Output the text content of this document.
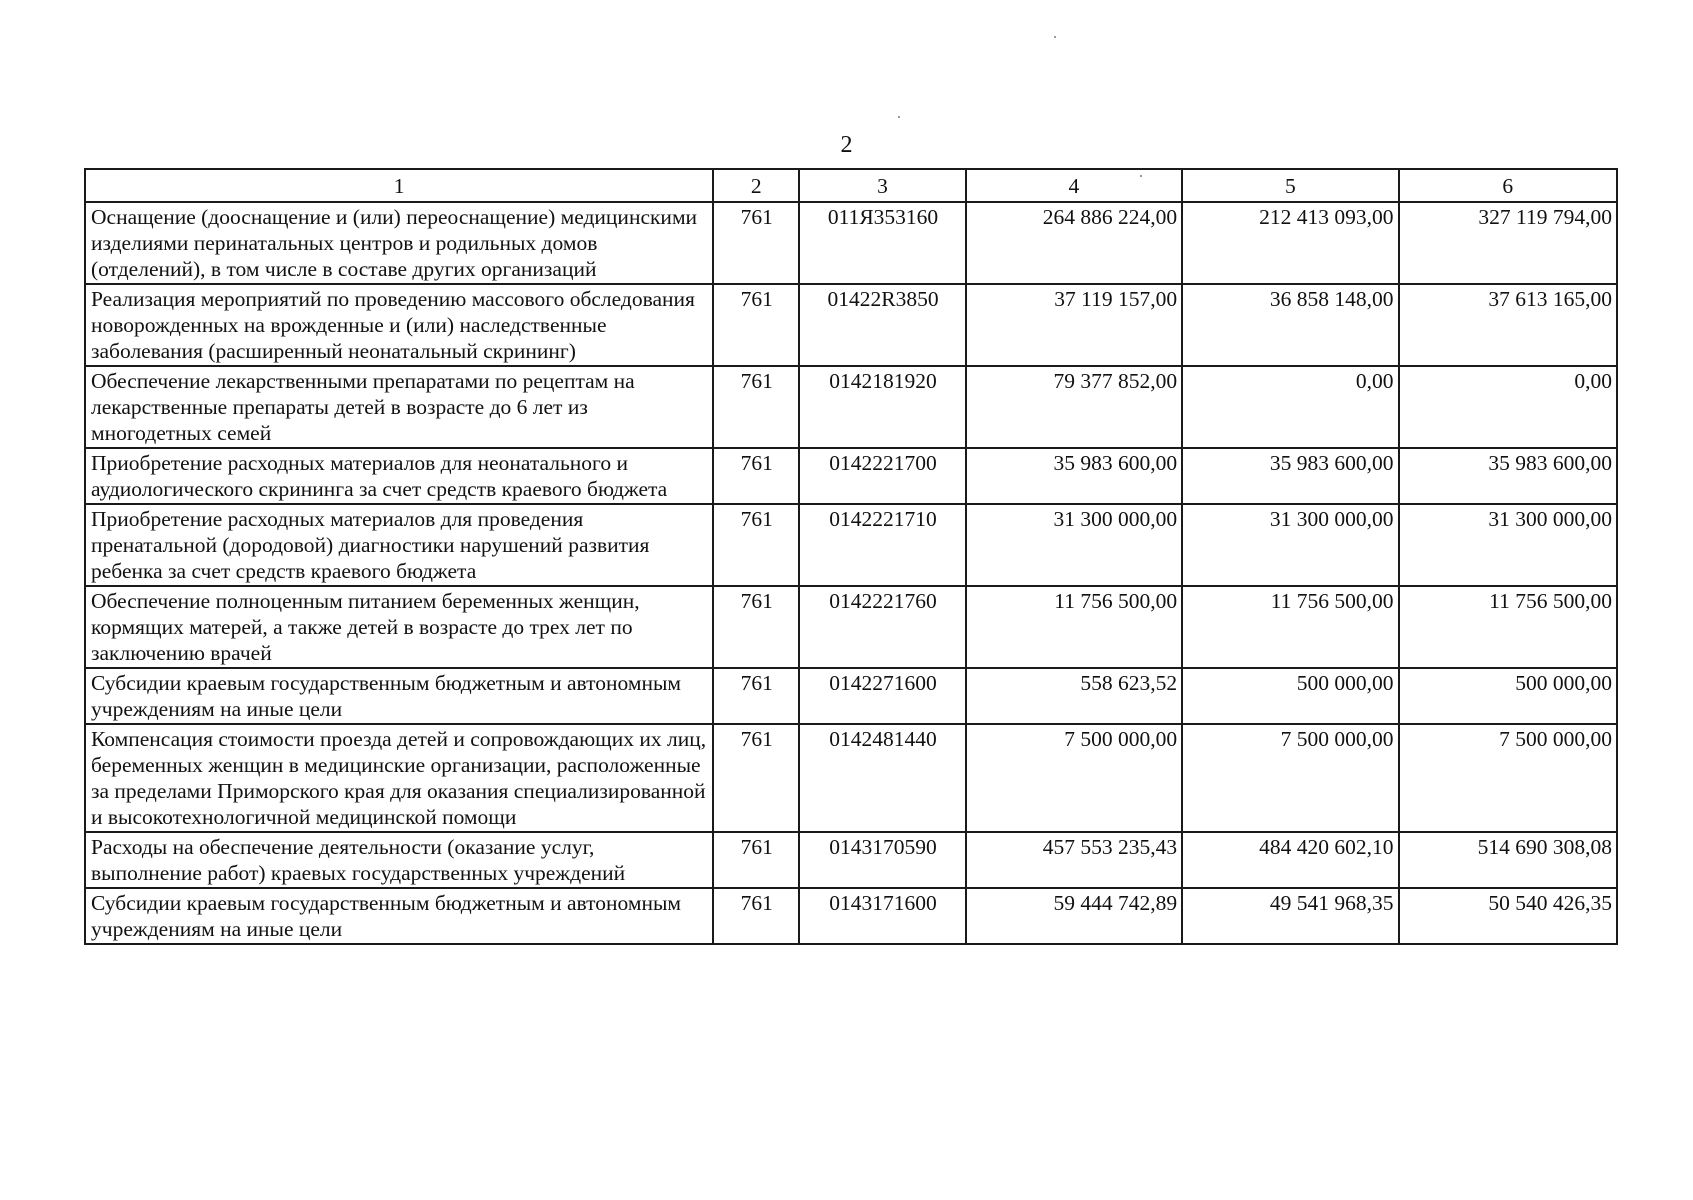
2
1	2	3	4	5	6
Оснащение (дооснащение и (или) переоснащение) медицинскими изделиями перинатальных центров и родильных домов (отделений), в том числе в составе других организаций	761	011Я353160	264 886 224,00	212 413 093,00	327 119 794,00
Реализация мероприятий по проведению массового обследования новорожденных на врожденные и (или) наследственные заболевания (расширенный неонатальный скрининг)	761	01422R3850	37 119 157,00	36 858 148,00	37 613 165,00
Обеспечение лекарственными препаратами по рецептам на лекарственные препараты детей в возрасте до 6 лет из многодетных семей	761	0142181920	79 377 852,00	0,00	0,00
Приобретение расходных материалов для неонатального и аудиологического скрининга за счет средств краевого бюджета	761	0142221700	35 983 600,00	35 983 600,00	35 983 600,00
Приобретение расходных материалов для проведения пренатальной (дородовой) диагностики нарушений развития ребенка за счет средств краевого бюджета	761	0142221710	31 300 000,00	31 300 000,00	31 300 000,00
Обеспечение полноценным питанием беременных женщин, кормящих матерей, а также детей в возрасте до трех лет по заключению врачей	761	0142221760	11 756 500,00	11 756 500,00	11 756 500,00
Субсидии краевым государственным бюджетным и автономным учреждениям на иные цели	761	0142271600	558 623,52	500 000,00	500 000,00
Компенсация стоимости проезда детей и сопровождающих их лиц, беременных женщин в медицинские организации, расположенные за пределами Приморского края для оказания специализированной и высокотехнологичной медицинской помощи	761	0142481440	7 500 000,00	7 500 000,00	7 500 000,00
Расходы на обеспечение деятельности (оказание услуг, выполнение работ) краевых государственных учреждений	761	0143170590	457 553 235,43	484 420 602,10	514 690 308,08
Субсидии краевым государственным бюджетным и автономным учреждениям на иные цели	761	0143171600	59 444 742,89	49 541 968,35	50 540 426,35
